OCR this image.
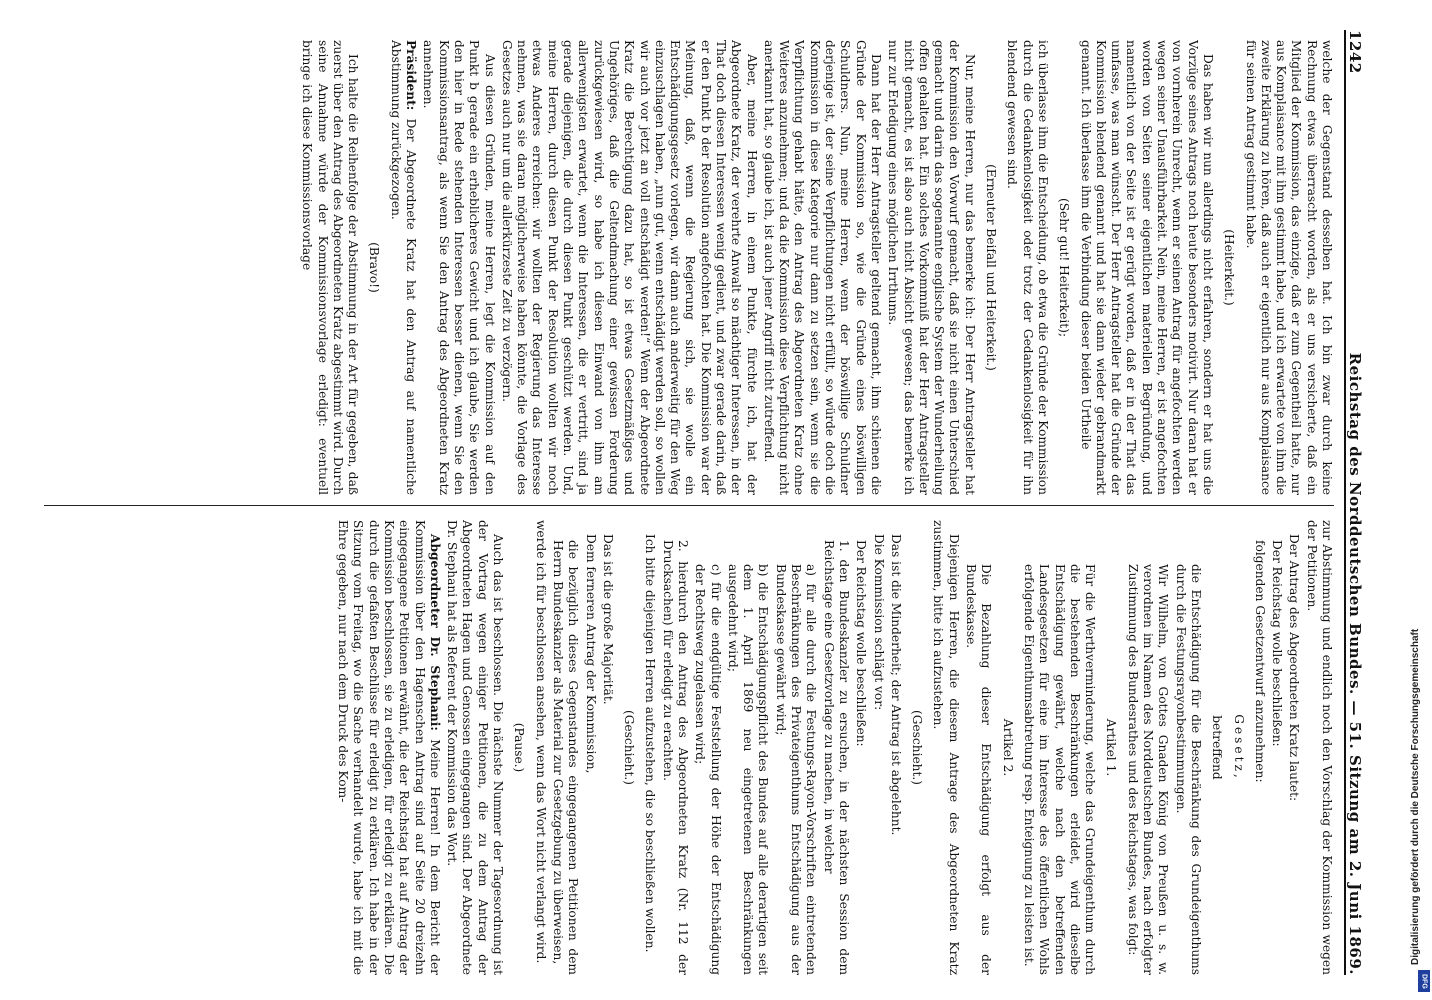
1242
Reichstag des Norddeutschen Bundes. — 51. Sitzung am 2. Juni 1869.

welche der Gegenstand desselben hat. Ich bin zwar durch keine Rechnung etwas überrascht worden, als er uns versicherte, daß ein Mitglied der Kommission, das einzige, daß er zum Gegentheil hatte, nur aus Komplaisance mit ihm gestimmt habe, und ich erwartete von ihm die zweite Erklärung zu hören, daß auch er eigentlich nur aus Komplaisance für seinen Antrag gestimmt habe.

(Heiterkeit.)

Das haben wir nun allerdings nicht erfahren, sondern er hat uns die Vorzüge seines Antrags noch heute besonders motivirt. Nur daran hat er von vornherein Unrecht, wenn er seinen Antrag für angefochten werden wegen seiner Unausführbarkeit. Nein, meine Herren, er ist angefochten worden von Seiten seiner eigentlichen materiellen Begründung, und namentlich von der Seite ist er gerügt worden, daß er in der That das umfasse, was man wünscht. Der Herr Antragsteller hat die Gründe der Kommission blendend genannt und hat sie dann wieder gebrandmarkt genannt. Ich überlasse ihm die Verbindung dieser beiden Urtheile

(Sehr gut! Heiterkeit);

ich überlasse ihm die Entscheidung, ob etwa die Gründe der Kommission durch die Gedankenlosigkeit oder trotz der Gedankenlosigkeit für ihn blendend gewesen sind.

(Erneuter Beifall und Heiterkeit.)

Nur, meine Herren, nur das bemerke ich: Der Herr Antragsteller hat der Kommission den Vorwurf gemacht, daß sie nicht einen Unterschied gemacht und darin das sogenannte englische System der Wunderheilung offen gehalten hat. Ein solches Vorkommniß hat der Herr Antragsteller nicht gemacht, es ist also auch nicht Absicht gewesen; das bemerke ich nur zur Erledigung eines möglichen Irrthums.

Dann hat der Herr Antragsteller geltend gemacht, ihm schienen die Gründe der Kommission so, wie die Gründe eines böswilligen Schuldners. Nun, meine Herren, wenn der böswillige Schuldner derjenige ist, der seine Verpflichtungen nicht erfüllt, so würde doch die Kommission in diese Kategorie nur dann zu setzen sein, wenn sie die Verpflichtung gehabt hätte, den Antrag des Abgeordneten Kratz ohne Weiteres anzunehmen; und da die Kommission diese Verpflichtung nicht anerkannt hat, so glaube ich, ist auch jener Angriff nicht zutreffend.

Aber, meine Herren, in einem Punkte, fürchte ich, hat der Abgeordnete Kratz, der verehrte Anwalt so mächtiger Interessen, in der That doch diesen Interessen wenig gedient, und zwar gerade darin, daß er den Punkt b der Resolution angefochten hat. Die Kommission war der Meinung, daß, wenn die Regierung sich, sie wolle ein Entschädigungsgesetz vorlegen, wir dann auch anderweitig für den Weg einzuschlagen haben, „nun gut, wenn entschädigt werden soll, so wollen wir auch vor jetzt an voll entschädigt werden!“ Wenn der Abgeordnete Kratz die Berechtigung dazu hat, so ist etwas Gesetzmäßiges und Ungehöriges, daß die Geltendmachung einer gewissen Forderung zurückgewiesen wird, so habe ich diesen Einwand von ihm am allerwenigsten erwartet, wenn die Interessen, die er vertritt, sind ja gerade diejenigen, die durch diesen Punkt geschützt werden. Und, meine Herren, durch diesen Punkt der Resolution wollten wir noch etwas Anderes erreichen: wir wollten der Regierung das Interesse nehmen, was sie daran möglicherweise haben könnte, die Vorlage des Gesetzes auch nur um die allerkürzeste Zeit zu verzögern.

Aus diesen Gründen, meine Herren, legt die Kommission auf den Punkt b gerade ein erheblicheres Gewicht und ich glaube, Sie werden den hier in Rede stehenden Interessen besser dienen, wenn Sie den Kommissionsantrag, als wenn Sie den Antrag des Abgeordneten Kratz annehmen.

Präsident: Der Abgeordnete Kratz hat den Antrag auf namentliche Abstimmung zurückgezogen.

(Bravo!)

Ich halte die Reihenfolge der Abstimmung in der Art für gegeben, daß zuerst über den Antrag des Abgeordneten Kratz abgestimmt wird. Durch seine Annahme würde der Kommissionsvorlage erledigt: eventuell bringe ich diese Kommissionsvorlage

zur Abstimmung und endlich noch den Vorschlag der Kommission wegen der Petitionen.

Der Antrag des Abgeordneten Kratz lautet:

Der Reichstag wolle beschließen:

folgenden Gesetzentwurf anzunehmen:

Gesetz,

betreffend

die Entschädigung für die Beschränkung des Grundeigenthums durch die Festungsrayonbestimmungen.

Wir Wilhelm, von Gottes Gnaden König von Preußen u. s. w. verordnen im Namen des Norddeutschen Bundes, nach erfolgter Zustimmung des Bundesrathes und des Reichstages, was folgt:

Artikel 1.

Für die Werthverminderung, welche das Grundeigenthum durch die bestehenden Beschränkungen erleidet, wird dieselbe Entschädigung gewährt, welche nach den betreffenden Landesgesetzen für eine im Interesse des öffentlichen Wohls erfolgende Eigenthumsabtretung resp. Enteignung zu leisten ist.

Artikel 2.

Die Bezahlung dieser Entschädigung erfolgt aus der Bundeskasse.

Diejenigen Herren, die diesem Antrage des Abgeordneten Kratz zustimmen, bitte ich aufzustehen.

(Geschieht.)

Das ist die Minderheit; der Antrag ist abgelehnt.

Die Kommission schlägt vor:

Der Reichstag wolle beschließen:

1. den Bundeskanzler zu ersuchen, in der nächsten Session dem Reichstage eine Gesetzvorlage zu machen, in welcher

a) für alle durch die Festungs-Rayon-Vorschriften eintretenden Beschränkungen des Privateigenthums Entschädigung aus der Bundeskasse gewährt wird;

b) die Entschädigungspflicht des Bundes auf alle derartigen seit dem 1. April 1869 neu eingetretenen Beschränkungen ausgedehnt wird;

c) für die endgültige Feststellung der Höhe der Entschädigung der Rechtsweg zugelassen wird;

2. hierdurch den Antrag des Abgeordneten Kratz (Nr. 112 der Drucksachen) für erledigt zu erachten.

Ich bitte diejenigen Herren aufzustehen, die so beschließen wollen.

(Geschieht.)

Das ist die große Majorität.

Dem ferneren Antrag der Kommission,

die bezüglich dieses Gegenstandes eingegangenen Petitionen dem Herrn Bundeskanzler als Material zur Gesetzgebung zu überweisen,

werde ich für beschlossen ansehen, wenn das Wort nicht verlangt wird.

(Pause.)

Auch das ist beschlossen. Die nächste Nummer der Tagesordnung ist der Vortrag wegen einiger Petitionen, die zu dem Antrag der Abgeordneten Hagen und Genossen eingegangen sind. Der Abgeordnete Dr. Stephani hat als Referent der Kommission das Wort.

Abgeordneter Dr. Stephani: Meine Herren! In dem Bericht der Kommission über den Hagenschen Antrag sind auf Seite 20 dreizehn eingegangene Petitionen erwähnt, die der Reichstag hat auf Antrag der Kommission beschlossen, sie zu erledigen, für erledigt zu erklären. Die durch die gefaßten Beschlüsse für erledigt zu erklären. Ich habe in der Sitzung vom Freitag, wo die Sache verhandelt wurde, habe ich mit die Ehre gegeben, nur nach dem Druck des Kom-	Digitalisierung gefördert durch die Deutsche Forschungsgemeinschaft
DFG
